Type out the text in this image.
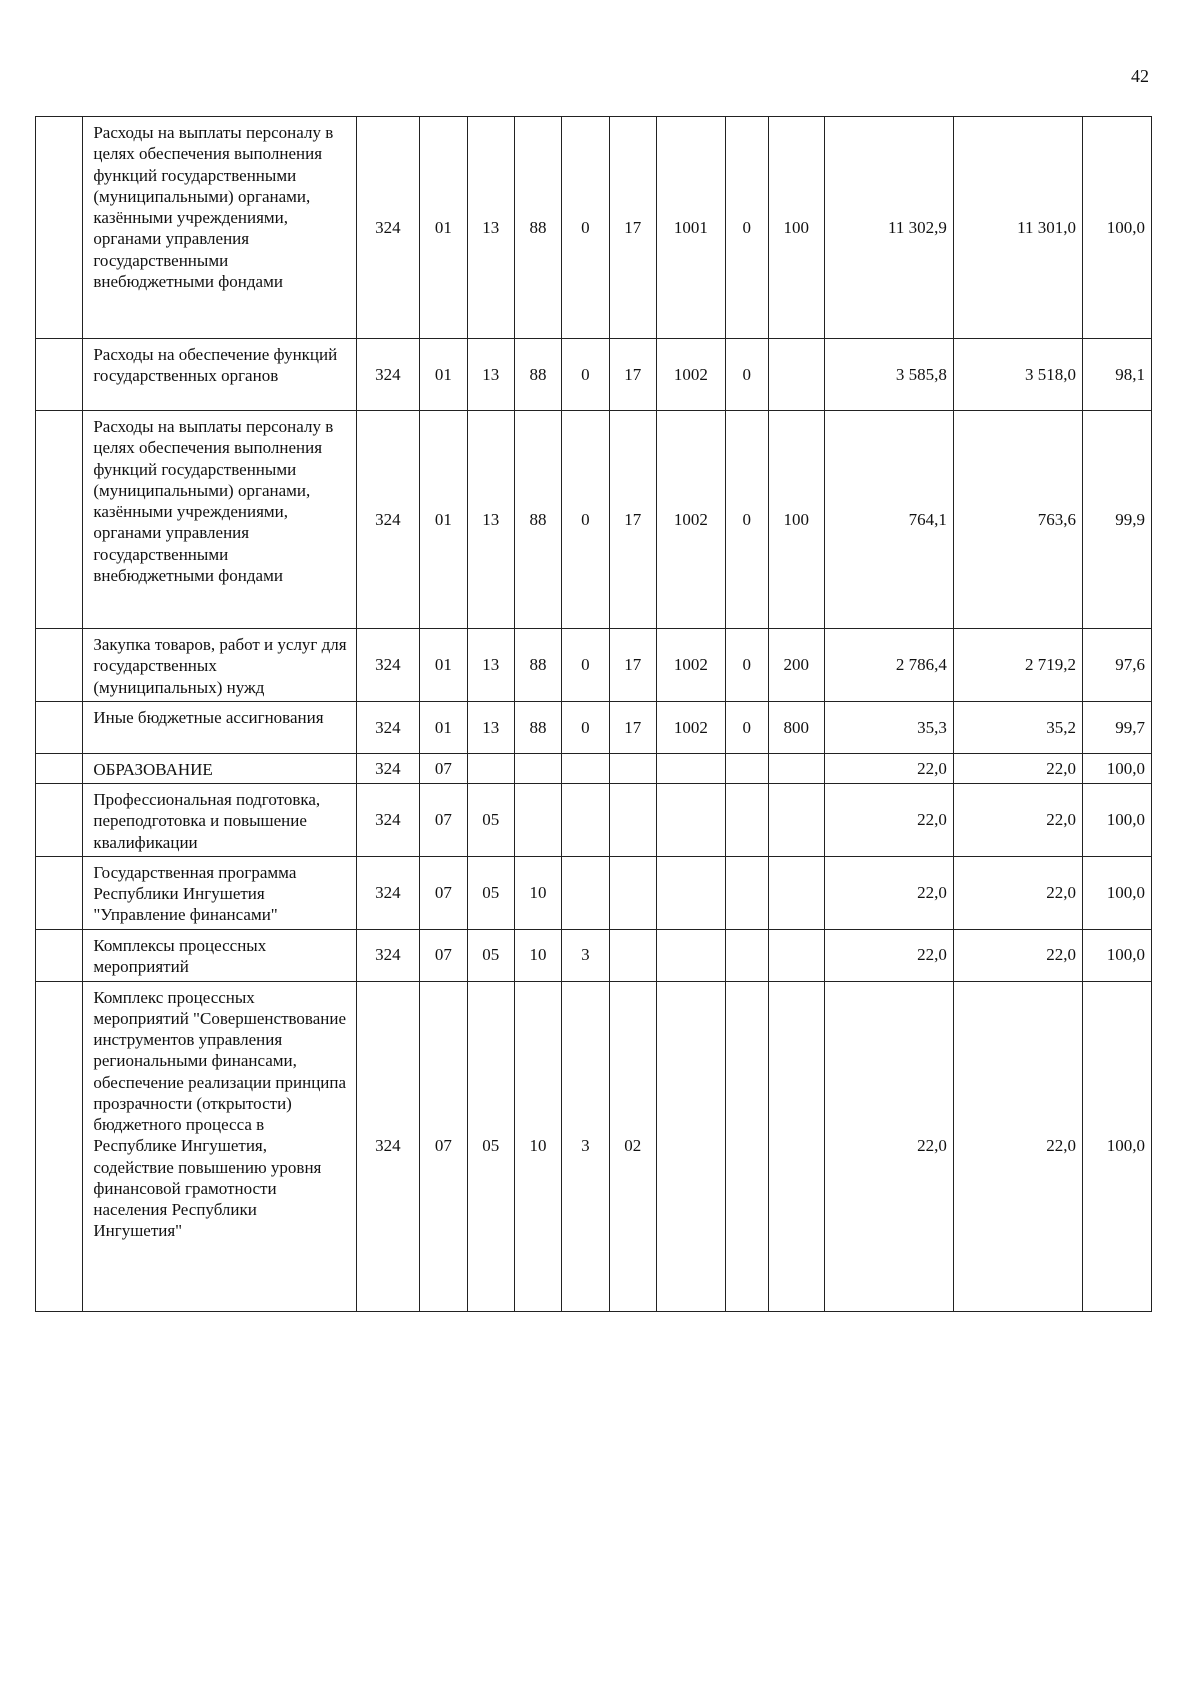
42

	Расходы на выплаты персоналу в целях обеспечения выполнения функций государственными (муниципальными) органами, казёнными учреждениями, органами управления государственными внебюджетными фондами	324	01	13	88	0	17	1001	0	100	11 302,9	11 301,0	100,0

	Расходы на обеспечение функций государственных органов	324	01	13	88	0	17	1002	0		3 585,8	3 518,0	98,1

	Расходы на выплаты персоналу в целях обеспечения выполнения функций государственными (муниципальными) органами, казёнными учреждениями, органами управления государственными внебюджетными фондами	324	01	13	88	0	17	1002	0	100	764,1	763,6	99,9

	Закупка товаров, работ и услуг для государственных (муниципальных) нужд	324	01	13	88	0	17	1002	0	200	2 786,4	2 719,2	97,6

	Иные бюджетные ассигнования	324	01	13	88	0	17	1002	0	800	35,3	35,2	99,7

	ОБРАЗОВАНИЕ	324	07								22,0	22,0	100,0

	Профессиональная подготовка, переподготовка и повышение квалификации	324	07	05							22,0	22,0	100,0

	Государственная программа Республики Ингушетия "Управление финансами"	324	07	05	10						22,0	22,0	100,0

	Комплексы процессных мероприятий	324	07	05	10	3					22,0	22,0	100,0

	Комплекс процессных мероприятий "Совершенствование инструментов управления региональными финансами, обеспечение реализации принципа прозрачности (открытости) бюджетного процесса в Республике Ингушетия, содействие повышению уровня финансовой грамотности населения Республики Ингушетия"	324	07	05	10	3	02				22,0	22,0	100,0
